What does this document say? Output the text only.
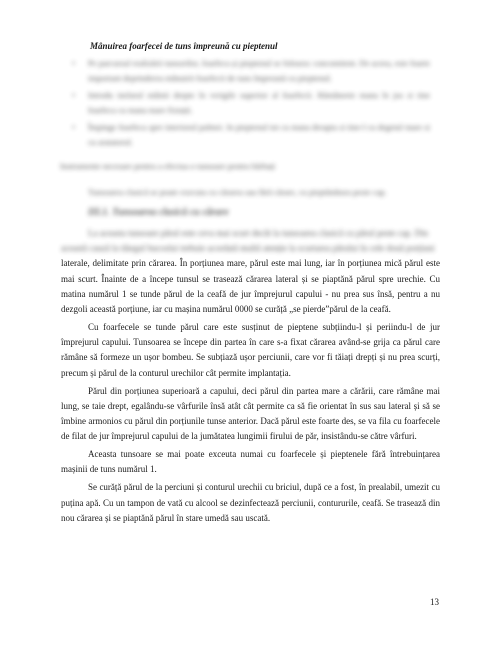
Mânuirea foarfecei de tuns împreună cu pieptenul
• Pe parcursul realizării tunsorilor, foarfeca și pieptenul se folosesc concomitent. De aceea, este foarte important deprinderea mânuirii foarfecii de tuns împreună cu pieptenul.
• Introdu inelarul mâinii drepte în verigile superior al foarfecii. Rămâneete mana în jos si tine foarfeca cu mana mare fixtații.
• Împinge foarfeca spre interiorul palmei. In pieptenul tot cu mana dreapta si tine-l cu degetul mare si cu aratatorul.
Instrumente necesare pentru a efectua o tunsoare pentru bărbați
Tunsoarea clasică se poate executa cu cărarea sau fără cărare, cu pieptănătura peste cap.
III.1. Tunsoarea clasică cu cărare

La aceasta tunsoare părul este ceva mai scurt decât la tunsoarea clasică cu părul peste cap. Din

această cauză la tăiegul bucoslui trebuie acordată multă atenție la scurtarea părului în cele două porțiuni

laterale, delimitate prin cărarea. În porțiunea mare, părul este mai lung, iar în porțiunea mică părul este mai scurt. Înainte de a începe tunsul se trasează cărarea lateral și se piaptănă părul spre urechie. Cu matina numărul 1 se tunde părul de la ceafă de jur împrejurul capului - nu prea sus însă, pentru a nu dezgoli această porțiune, iar cu mașina numărul 0000 se curăță „se pierde”părul de la ceafă.

Cu foarfecele se tunde părul care este susținut de pieptene subțiindu-l și periindu-l de jur împrejurul capului. Tunsoarea se începe din partea în care s-a fixat cărarea având-se grija ca părul care rămâne să formeze un ușor bombeu. Se subțiază ușor perciunii, care vor fi tăiați drepți și nu prea scurți, precum și părul de la conturul urechilor cât permite implantația.

Părul din porțiunea superioară a capului, deci părul din partea mare a cărării, care rămâne mai lung, se taie drept, egalându-se vârfurile însă atât cât permite ca să fie orientat în sus sau lateral și să se îmbine armonios cu părul din porțiunile tunse anterior. Dacă părul este foarte des, se va fila cu foarfecele de filat de jur împrejurul capului de la jumătatea lungimii firului de păr, insistându-se către vârfuri.

Aceasta tunsoare se mai poate exceuta numai cu foarfecele și pieptenele fără întrebuințarea mașinii de tuns numărul 1.

Se curăță părul de la perciuni și conturul urechii cu briciul, după ce a fost, în prealabil, umezit cu puțina apă. Cu un tampon de vată cu alcool se dezinfectează perciunii, contururile, ceafă. Se trasează din nou cărarea și se piaptănă părul în stare umedă sau uscată.

13
